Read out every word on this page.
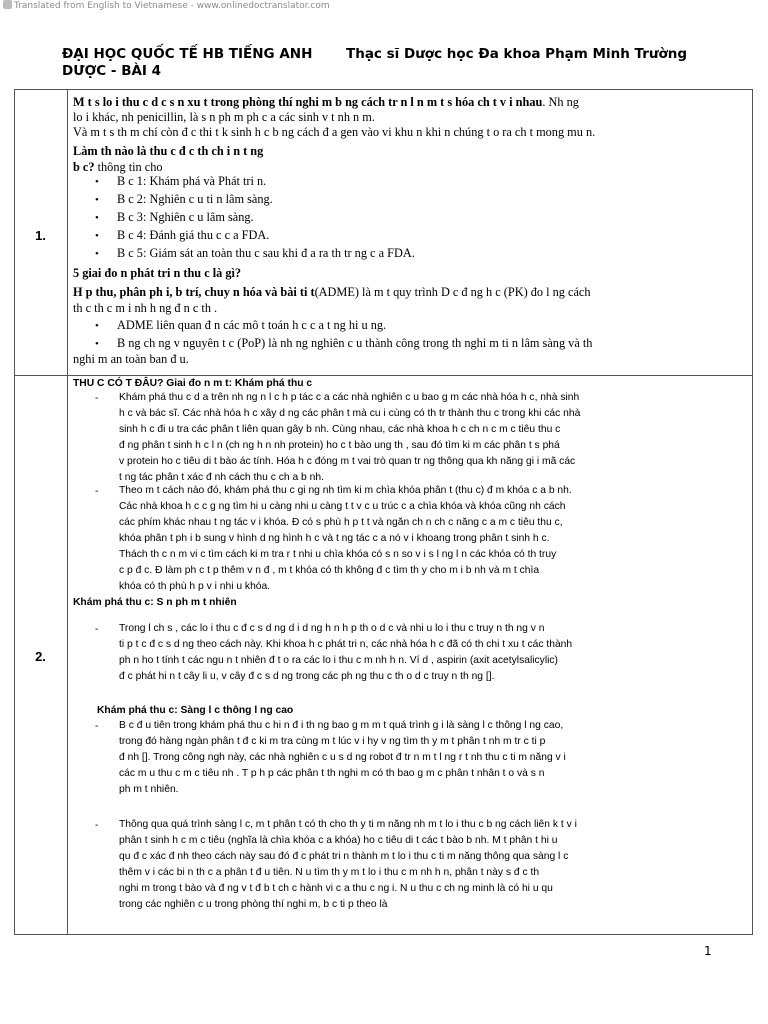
Translated from English to Vietnamese - www.onlinedoctranslator.com
ĐẠI HỌC QUỐC TẾ HB TIẾNG ANH
DƯỢC - BÀI 4
Thạc sĩ Dược học Đa khoa Phạm Minh Trường
1.
2.
M t s lo i thu c d c s n xu t trong phòng thí nghi m b ng cách tr n l n m t s hóa ch t v i nhau. Nh ng
lo i khác, nh penicillin, là s n ph m ph c a các sinh v t nh n m.
Và m t s th m chí còn đ c thi t k sinh h c b ng cách đ a gen vào vi khu n khi n chúng t o ra ch t mong mu n.
Làm th nào là thu c đ c th ch i n t ng
b c? thông tin cho
• B c 1: Khám phá và Phát tri n.
• B c 2: Nghiên c u ti n lâm sàng.
• B c 3: Nghiên c u lâm sàng.
• B c 4: Đánh giá thu c c a FDA.
• B c 5: Giám sát an toàn thu c sau khi đ a ra th tr ng c a FDA.
5 giai đo n phát tri n thu c là gì?
H p thu, phân ph i, b trí, chuy n hóa và bài ti t(ADME) là m t quy trình D c đ ng h c (PK) đo l ng cách
th c th c m i nh h ng đ n c th .
• ADME liên quan đ n các mô t toán h c c a t ng hi u ng.
• B ng ch ng v nguyên t c (PoP) là nh ng nghiên c u thành công trong th nghi m ti n lâm sàng và th
nghi m an toàn ban đ u.
THU C CÓ T ĐÂU? Giai đo n m t: Khám phá thu c
- Khám phá thu c d a trên nh ng n l c h p tác c a các nhà nghiên c u bao g m các nhà hóa h c, nhà sinh
h c và bác sĩ. Các nhà hóa h c xây d ng các phân t mà cu i cùng có th tr thành thu c trong khi các nhà
sinh h c đi u tra các phân t liên quan gây b nh. Cùng nhau, các nhà khoa h c ch n c m c tiêu thu c
đ ng phân t sinh h c l n (ch ng h n nh protein) ho c t bào ung th , sau đó tìm ki m các phân t s phá
v protein ho c tiêu di t bào ác tính. Hóa h c đóng m t vai trò quan tr ng thông qua kh năng gi i mã các
t ng tác phân t xác đ nh cách thu c ch a b nh.
- Theo m t cách nào đó, khám phá thu c gi ng nh tìm ki m chìa khóa phân t (thu c) đ m khóa c a b nh.
Các nhà khoa h c c g ng tìm hi u càng nhi u càng t t v c u trúc c a chìa khóa và khóa cũng nh cách
các phím khác nhau t ng tác v i khóa. Đ có s phù h p t t và ngăn ch n ch c năng c a m c tiêu thu c,
khóa phân t ph i b sung v hình d ng hình h c và t ng tác c a nó v i khoang trong phân t sinh h c.
Thách th c n m vi c tìm cách ki m tra r t nhi u chìa khóa có s n so v i s l ng l n các khóa có th truy
c p đ c. Đ làm ph c t p thêm v n đ , m t khóa có th không đ c tìm th y cho m i b nh và m t chìa
khóa có th phù h p v i nhi u khóa.
Khám phá thu c: S n ph m t nhiên
- Trong l ch s , các lo i thu c đ c s d ng d i d ng h n h p th o d c và nhi u lo i thu c truy n th ng v n
ti p t c đ c s d ng theo cách này. Khi khoa h c phát tri n, các nhà hóa h c đã có th chi t xu t các thành
ph n ho t tính t các ngu n t nhiên đ t o ra các lo i thu c m nh h n. Ví d , aspirin (axit acetylsalicylic)
đ c phát hi n t cây li u, v cây đ c s d ng trong các ph ng thu c th o d c truy n th ng [].
Khám phá thu c: Sàng l c thông l ng cao
- B c đ u tiên trong khám phá thu c hi n đ i th ng bao g m m t quá trình g i là sàng l c thông l ng cao,
trong đó hàng ngàn phân t đ c ki m tra cùng m t lúc v i hy v ng tìm th y m t phân t nh m tr c ti p
đ nh []. Trong công ngh này, các nhà nghiên c u s d ng robot đ tr n m t l ng r t nh thu c ti m năng v i
các m u thu c m c tiêu nh . T p h p các phân t th nghi m có th bao g m c phân t nhân t o và s n
ph m t nhiên.
- Thông qua quá trình sàng l c, m t phân t có th cho th y ti m năng nh m t lo i thu c b ng cách liên k t v i
phân t sinh h c m c tiêu (nghĩa là chìa khóa c a khóa) ho c tiêu di t các t bào b nh. M t phân t hi u
qu đ c xác đ nh theo cách này sau đó đ c phát tri n thành m t lo i thu c ti m năng thông qua sàng l c
thêm v i các bi n th c a phân t đ u tiên. N u tìm th y m t lo i thu c m nh h n, phân t này s đ c th
nghi m trong t bào và đ ng v t đ b t ch c hành vi c a thu c ng i. N u thu c ch ng minh là có hi u qu
trong các nghiên c u trong phòng thí nghi m, b c ti p theo là
1
